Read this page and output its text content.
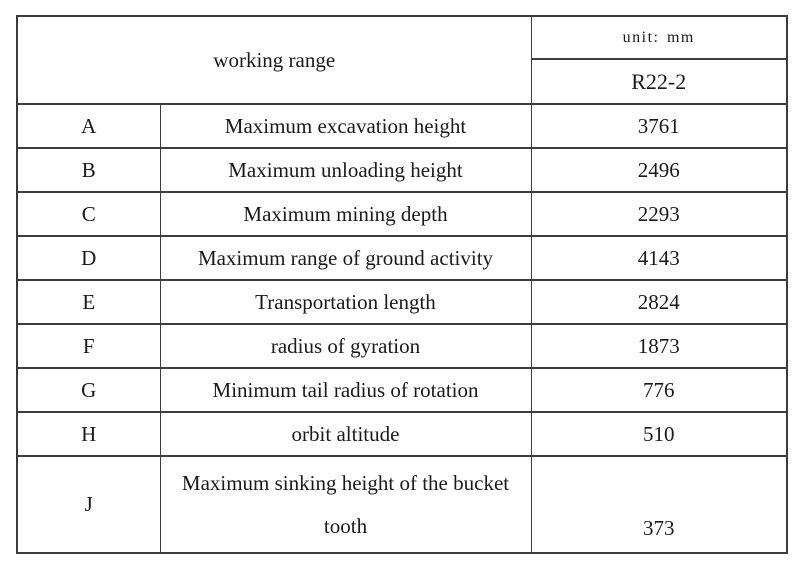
working range		unit: mm
		R22-2
A	Maximum excavation height	3761
B	Maximum unloading height	2496
C	Maximum mining depth	2293
D	Maximum range of ground activity	4143
E	Transportation length	2824
F	radius of gyration	1873
G	Minimum tail radius of rotation	776
H	orbit altitude	510
J	Maximum sinking height of the bucket tooth	373
